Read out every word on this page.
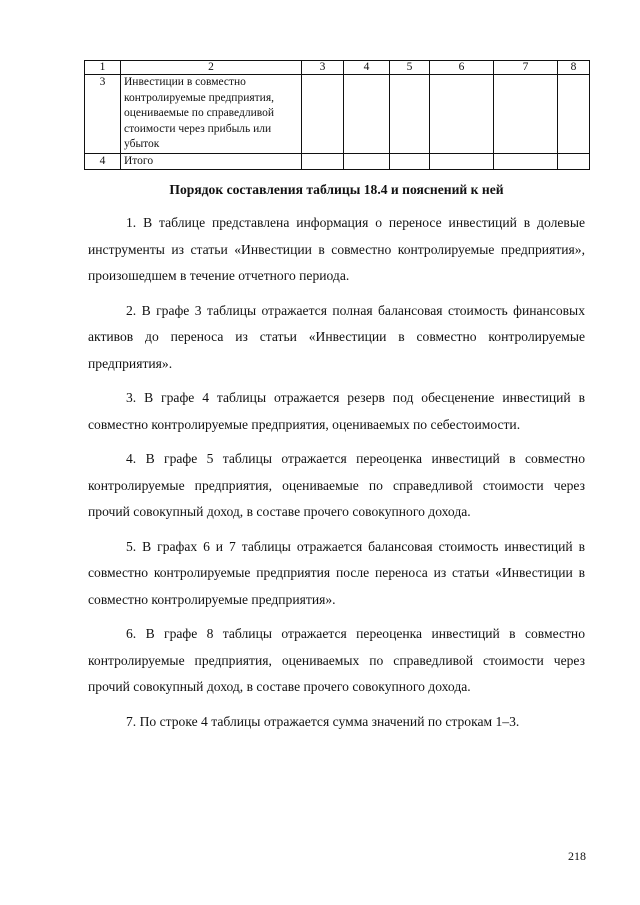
1	2	3	4	5	6	7	8
3	Инвестиции в совместно
контролируемые предприятия,
оцениваемые по справедливой
стоимости через прибыль или
убыток						
4	Итого						
Порядок составления таблицы 18.4 и пояснений к ней

1. В таблице представлена информация о переносе инвестиций в долевые инструменты из статьи «Инвестиции в совместно контролируемые предприятия», произошедшем в течение отчетного периода.

2. В графе 3 таблицы отражается полная балансовая стоимость финансовых активов до переноса из статьи «Инвестиции в совместно контролируемые предприятия».

3. В графе 4 таблицы отражается резерв под обесценение инвестиций в совместно контролируемые предприятия, оцениваемых по себестоимости.

4. В графе 5 таблицы отражается переоценка инвестиций в совместно контролируемые предприятия, оцениваемые по справедливой стоимости через прочий совокупный доход, в составе прочего совокупного дохода.

5. В графах 6 и 7 таблицы отражается балансовая стоимость инвестиций в совместно контролируемые предприятия после переноса из статьи «Инвестиции в совместно контролируемые предприятия».

6. В графе 8 таблицы отражается переоценка инвестиций в совместно контролируемые предприятия, оцениваемых по справедливой стоимости через прочий совокупный доход, в составе прочего совокупного дохода.

7. По строке 4 таблицы отражается сумма значений по строкам 1–3.

218
